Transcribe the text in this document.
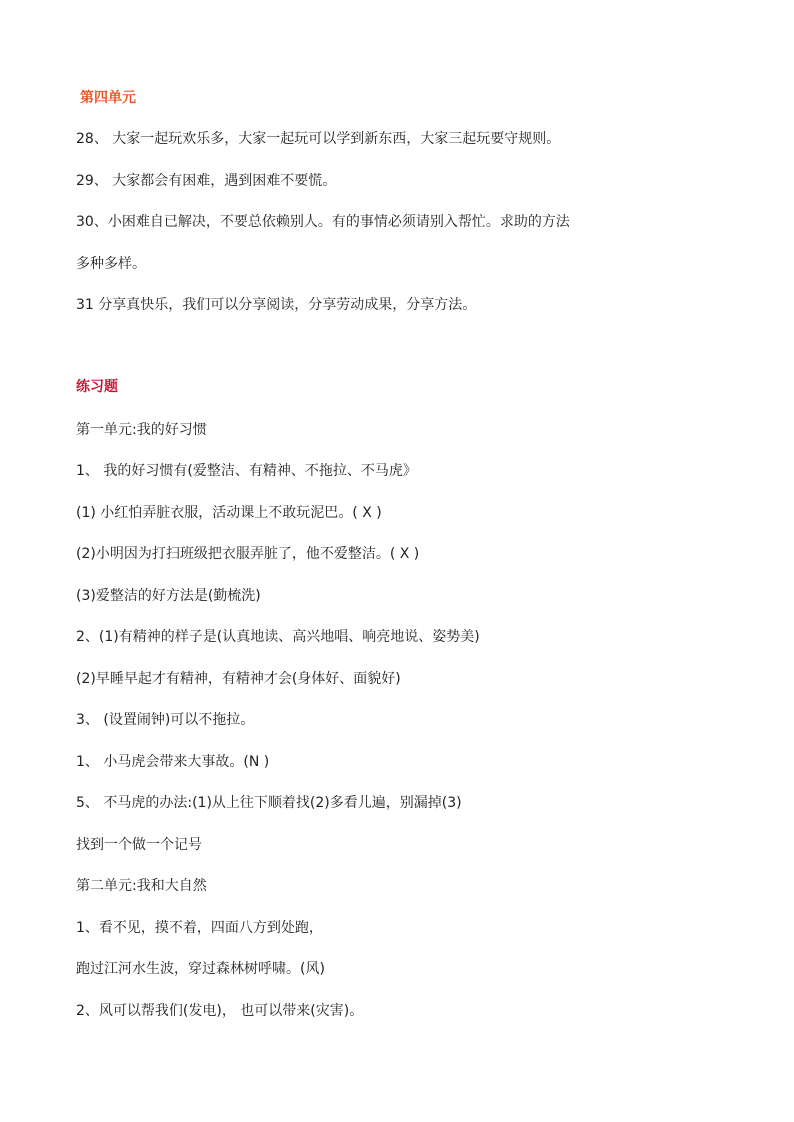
第四单元
28、 大家一起玩欢乐多，大家一起玩可以学到新东西，大家三起玩要守规则。
29、 大家都会有困难，遇到困难不要慌。
30、小困难自已解决，不要总依赖别人。有的事情必须请别入帮忙。求助的方法
多种多样。
31 分享真快乐，我们可以分享阅读，分享劳动成果，分享方法。
练习题
第一单元:我的好习惯
1、 我的好习惯有(爱整洁、有精神、不拖拉、不马虎》
(1) 小红怕弄脏衣服，活动课上不敢玩泥巴。( X )
(2)小明因为打扫班级把衣服弄脏了，他不爱整洁。( X )
(3)爱整洁的好方法是(勤梳洗)
2、(1)有精神的样子是(认真地读、高兴地唱、响亮地说、姿势美)
(2)早睡早起才有精神，有精神才会(身体好、面貌好)
3、 (设置闹钟)可以不拖拉。
1、 小马虎会带来大事故。(N )
5、 不马虎的办法:(1)从上往下顺着找(2)多看儿遍，别漏掉(3)
找到一个做一个记号
第二单元:我和大自然
1、看不见，摸不着，四面八方到处跑，
跑过江河水生波，穿过森林树呼啸。(风)
2、风可以帮我们(发电)， 也可以带来(灾害)。
